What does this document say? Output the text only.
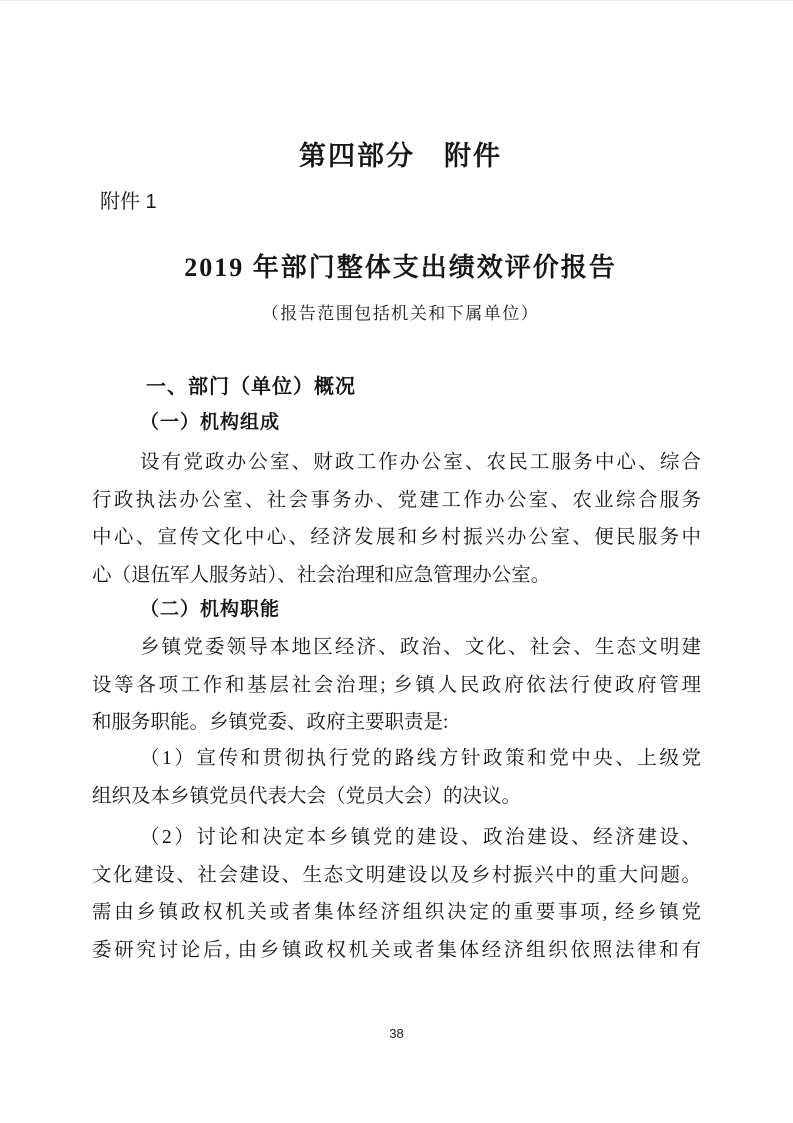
第四部分　附件
附件 1
2019 年部门整体支出绩效评价报告
（报告范围包括机关和下属单位）
一、部门（单位）概况
（一）机构组成
设有党政办公室、财政工作办公室、农民工服务中心、综合
行政执法办公室、社会事务办、党建工作办公室、农业综合服务
中心、宣传文化中心、经济发展和乡村振兴办公室、便民服务中
心（退伍军人服务站）、社会治理和应急管理办公室。
（二）机构职能
乡镇党委领导本地区经济、政治、文化、社会、生态文明建
设等各项工作和基层社会治理; 乡镇人民政府依法行使政府管理
和服务职能。乡镇党委、政府主要职责是:
（1）宣传和贯彻执行党的路线方针政策和党中央、上级党
组织及本乡镇党员代表大会（党员大会）的决议。
（2）讨论和决定本乡镇党的建设、政治建设、经济建设、
文化建设、社会建设、生态文明建设以及乡村振兴中的重大问题。
需由乡镇政权机关或者集体经济组织决定的重要事项, 经乡镇党
委研究讨论后, 由乡镇政权机关或者集体经济组织依照法律和有
38
